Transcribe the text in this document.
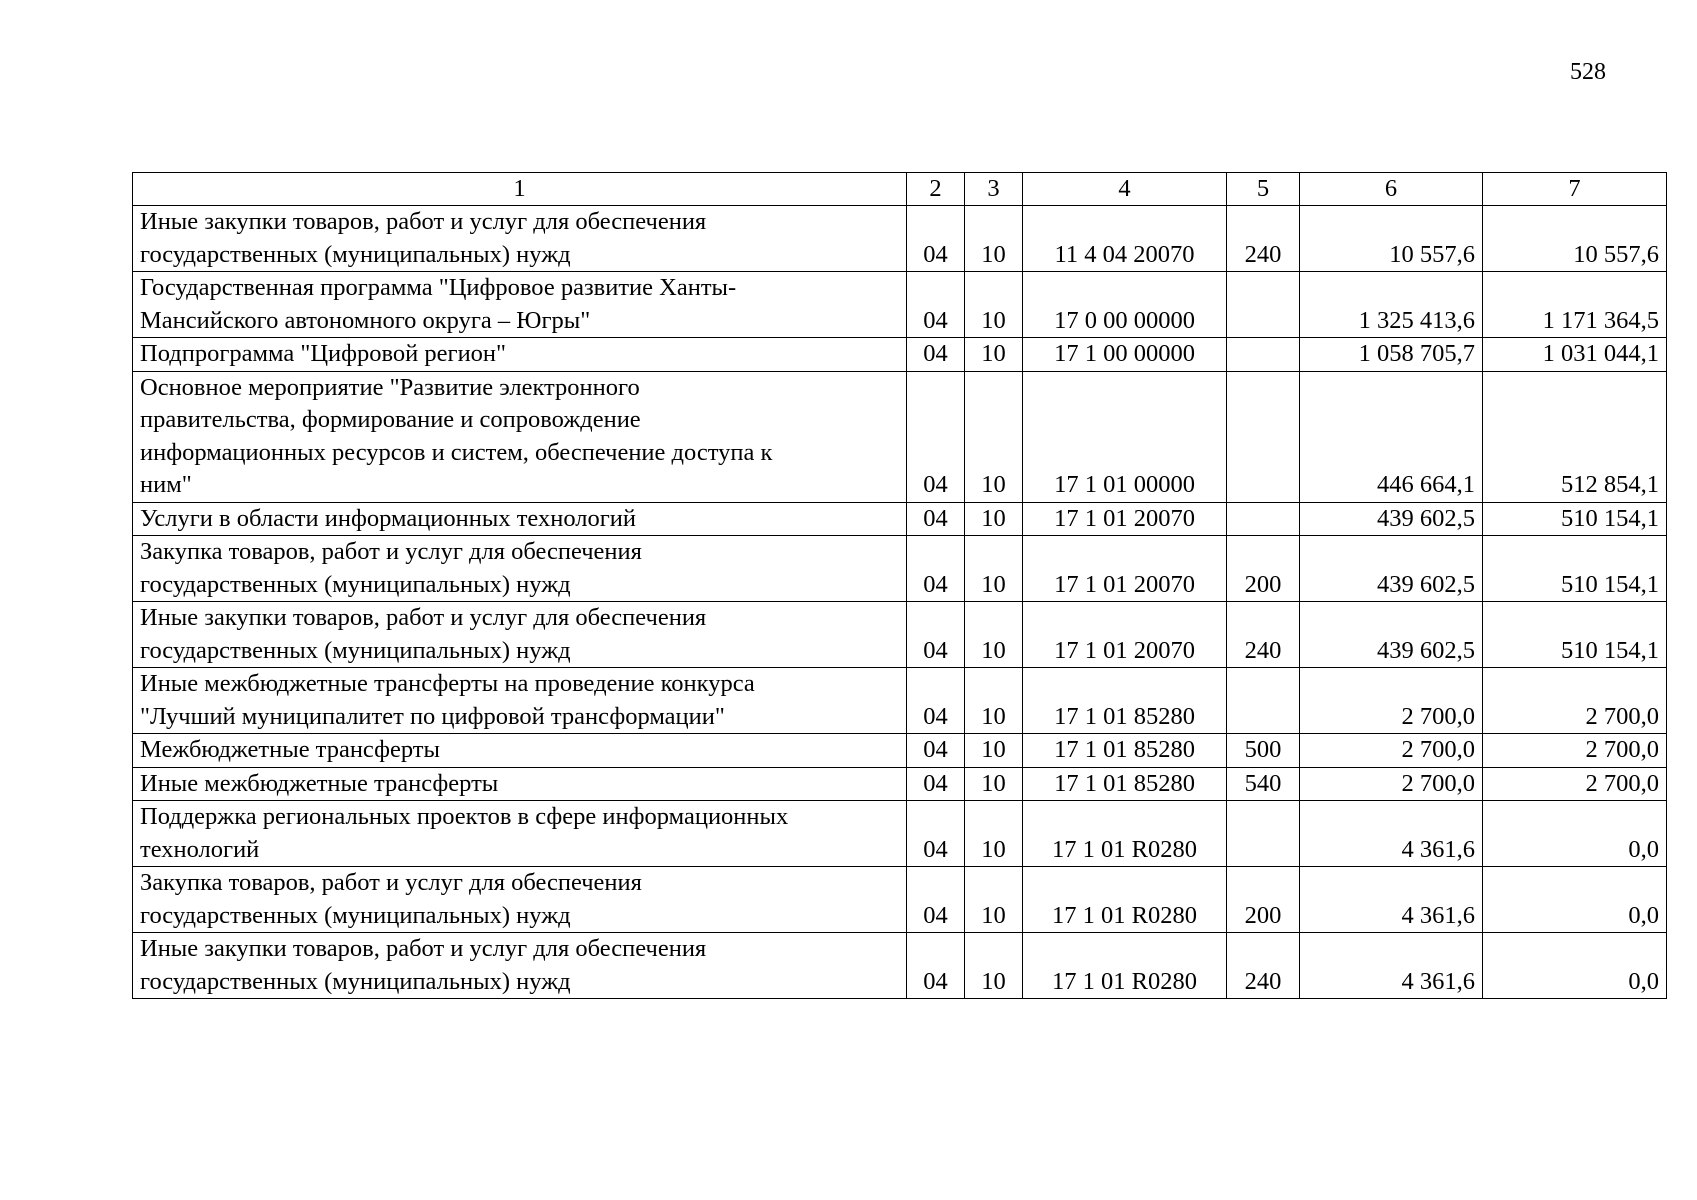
528
1	2	3	4	5	6	7
Иные закупки товаров, работ и услуг для обеспечения
государственных (муниципальных) нужд	04	10	11 4 04 20070	240	10 557,6	10 557,6
Государственная программа "Цифровое развитие Ханты-
Мансийского автономного округа – Югры"	04	10	17 0 00 00000		1 325 413,6	1 171 364,5
Подпрограмма "Цифровой регион"	04	10	17 1 00 00000		1 058 705,7	1 031 044,1
Основное мероприятие "Развитие электронного
правительства, формирование и сопровождение
информационных ресурсов и систем, обеспечение доступа к
ним"	04	10	17 1 01 00000		446 664,1	512 854,1
Услуги в области информационных технологий	04	10	17 1 01 20070		439 602,5	510 154,1
Закупка товаров, работ и услуг для обеспечения
государственных (муниципальных) нужд	04	10	17 1 01 20070	200	439 602,5	510 154,1
Иные закупки товаров, работ и услуг для обеспечения
государственных (муниципальных) нужд	04	10	17 1 01 20070	240	439 602,5	510 154,1
Иные межбюджетные трансферты на проведение конкурса
"Лучший муниципалитет по цифровой трансформации"	04	10	17 1 01 85280		2 700,0	2 700,0
Межбюджетные трансферты	04	10	17 1 01 85280	500	2 700,0	2 700,0
Иные межбюджетные трансферты	04	10	17 1 01 85280	540	2 700,0	2 700,0
Поддержка региональных проектов в сфере информационных
технологий	04	10	17 1 01 R0280		4 361,6	0,0
Закупка товаров, работ и услуг для обеспечения
государственных (муниципальных) нужд	04	10	17 1 01 R0280	200	4 361,6	0,0
Иные закупки товаров, работ и услуг для обеспечения
государственных (муниципальных) нужд	04	10	17 1 01 R0280	240	4 361,6	0,0
